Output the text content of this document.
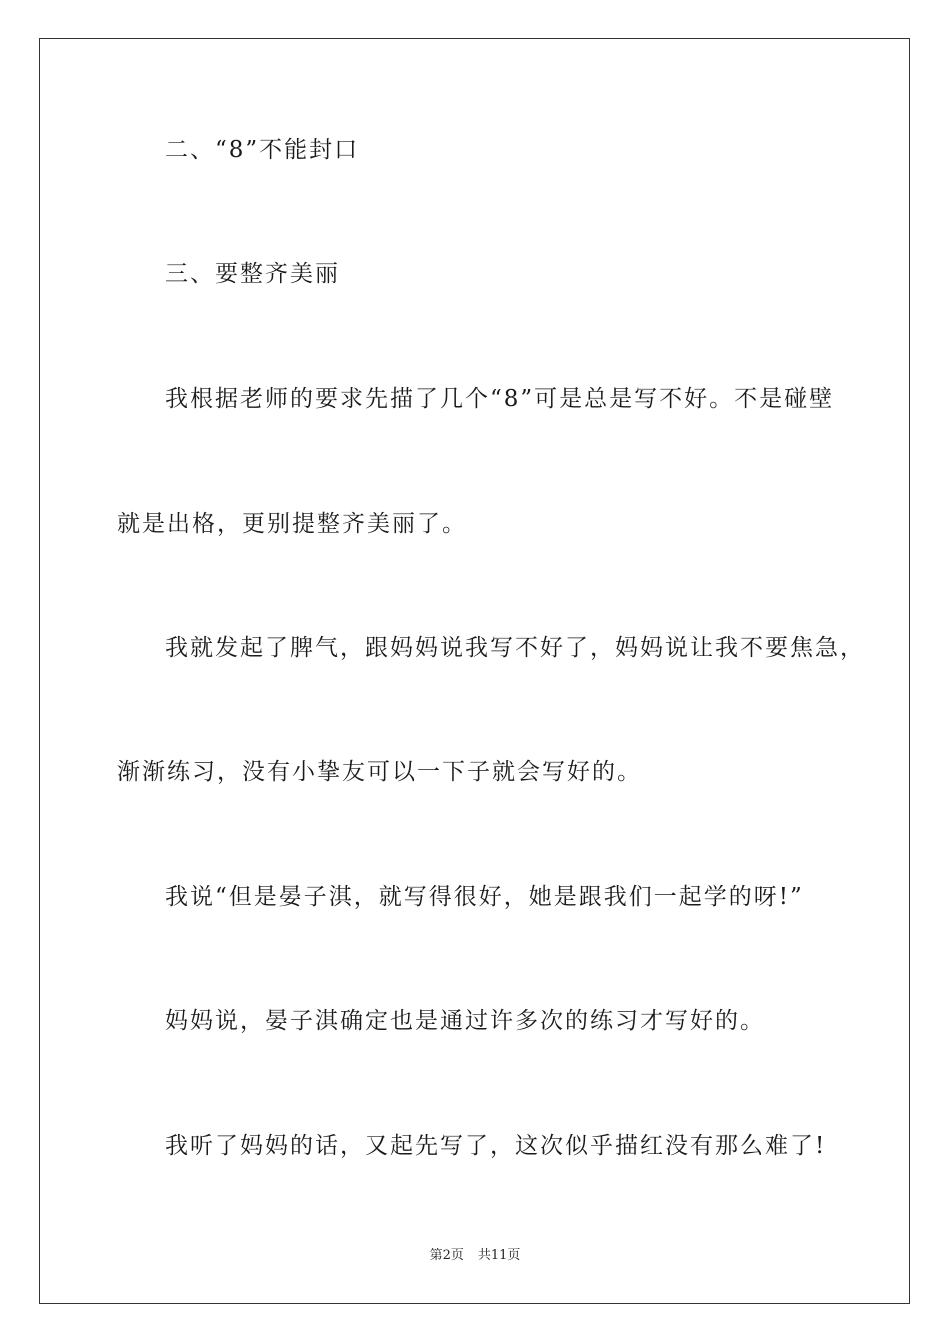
二、“8”不能封口
三、要整齐美丽
我根据老师的要求先描了几个“8”可是总是写不好。不是碰壁
就是出格，更别提整齐美丽了。
我就发起了脾气，跟妈妈说我写不好了，妈妈说让我不要焦急，
渐渐练习，没有小挚友可以一下子就会写好的。
我说“但是晏子淇，就写得很好，她是跟我们一起学的呀!”
妈妈说，晏子淇确定也是通过许多次的练习才写好的。
我听了妈妈的话，又起先写了，这次似乎描红没有那么难了!
第2页 共11页
